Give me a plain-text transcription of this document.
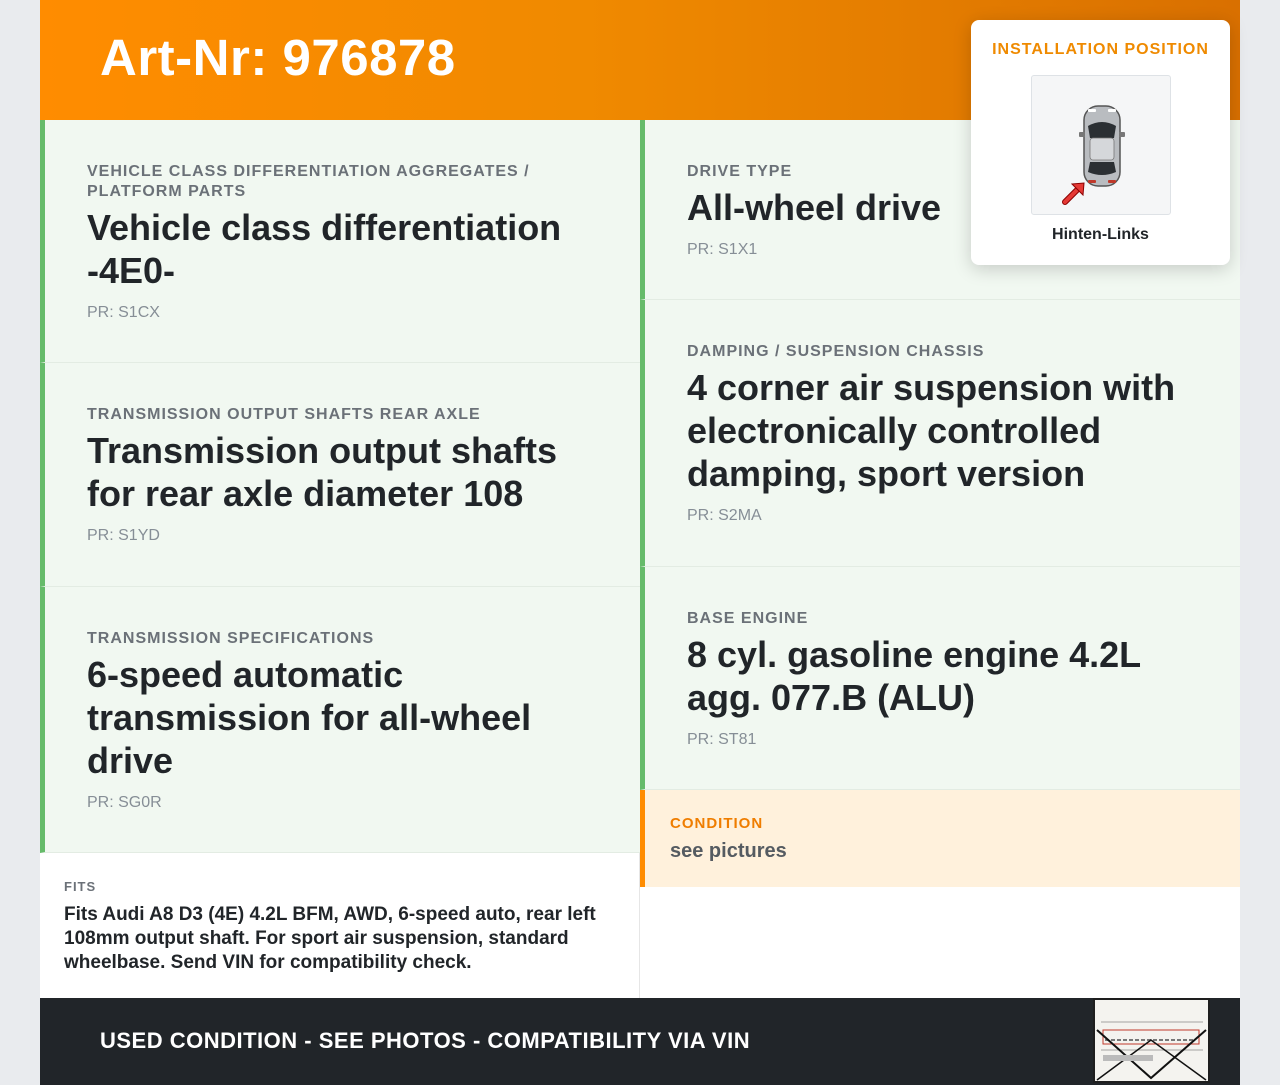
Art-Nr: 976878
VEHICLE CLASS DIFFERENTIATION AGGREGATES / PLATFORM PARTS
Vehicle class differentiation -4E0-
PR: S1CX
TRANSMISSION OUTPUT SHAFTS REAR AXLE
Transmission output shafts for rear axle diameter 108
PR: S1YD
TRANSMISSION SPECIFICATIONS
6-speed automatic transmission for all-wheel drive
PR: SG0R
DRIVE TYPE
All-wheel drive
PR: S1X1
DAMPING / SUSPENSION CHASSIS
4 corner air suspension with electronically controlled damping, sport version
PR: S2MA
BASE ENGINE
8 cyl. gasoline engine 4.2L agg. 077.B (ALU)
PR: ST81
CONDITION
see pictures
FITS
Fits Audi A8 D3 (4E) 4.2L BFM, AWD, 6-speed auto, rear left 108mm output shaft. For sport air suspension, standard wheelbase. Send VIN for compatibility check.
USED CONDITION - SEE PHOTOS - COMPATIBILITY VIA VIN
INSTALLATION POSITION
Hinten-Links
